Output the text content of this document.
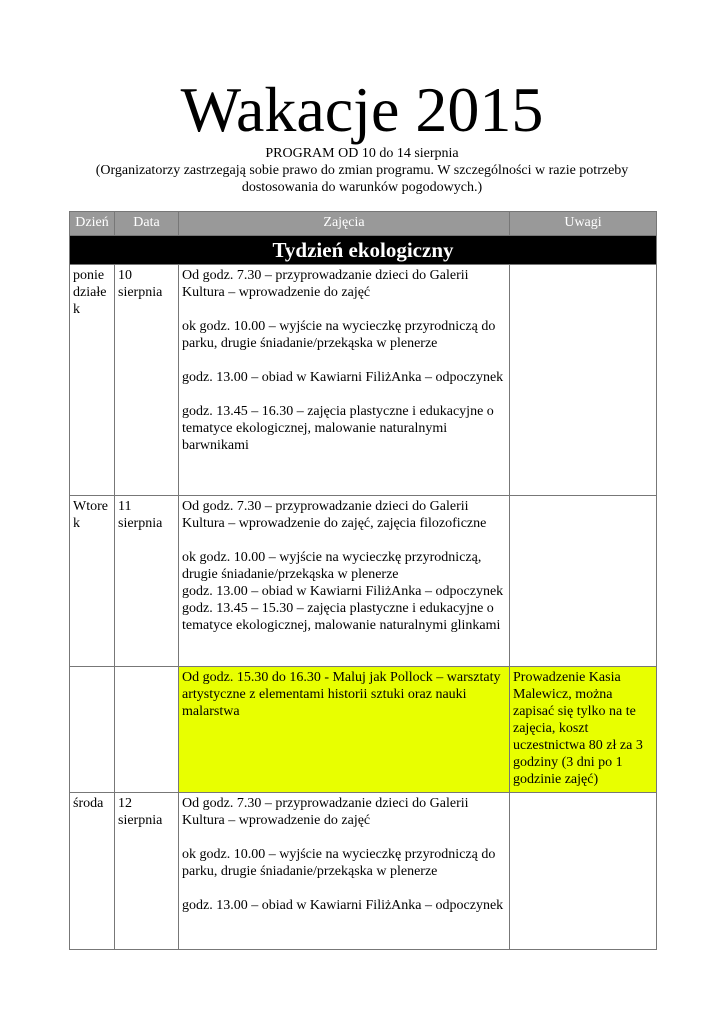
Wakacje 2015
PROGRAM OD 10 do 14 sierpnia
(Organizatorzy zastrzegają sobie prawo do zmian programu. W szczególności w razie potrzeby dostosowania do warunków pogodowych.)
Dzień	Data	Zajęcia	Uwagi
Tydzień ekologiczny			
ponie działe k	10 sierpnia	Od godz. 7.30 – przyprowadzanie dzieci do Galerii Kultura – wprowadzenie do zajęć

ok godz. 10.00 – wyjście na wycieczkę przyrodniczą do parku, drugie śniadanie/przekąska w plenerze

godz. 13.00 – obiad w Kawiarni FiliżAnka – odpoczynek

godz. 13.45 – 16.30 – zajęcia plastyczne i edukacyjne o tematyce ekologicznej, malowanie naturalnymi barwnikami	

Wtore k	11 sierpnia	Od godz. 7.30 – przyprowadzanie dzieci do Galerii Kultura – wprowadzenie do zajęć, zajęcia filozoficzne

ok godz. 10.00 – wyjście na wycieczkę przyrodniczą, drugie śniadanie/przekąska w plenerze

godz. 13.00 – obiad w Kawiarni FiliżAnka – odpoczynek

godz. 13.45 – 15.30 – zajęcia plastyczne i edukacyjne o tematyce ekologicznej, malowanie naturalnymi glinkami	

		Od godz. 15.30 do 16.30 - Maluj jak Pollock – warsztaty artystyczne z elementami historii sztuki oraz nauki malarstwa	Prowadzenie Kasia Malewicz, można zapisać się tylko na te zajęcia, koszt uczestnictwa 80 zł za 3 godziny (3 dni po 1 godzinie zajęć)
środa	12 sierpnia	Od godz. 7.30 – przyprowadzanie dzieci do Galerii Kultura – wprowadzenie do zajęć

ok godz. 10.00 – wyjście na wycieczkę przyrodniczą do parku, drugie śniadanie/przekąska w plenerze

godz. 13.00 – obiad w Kawiarni FiliżAnka – odpoczynek	
